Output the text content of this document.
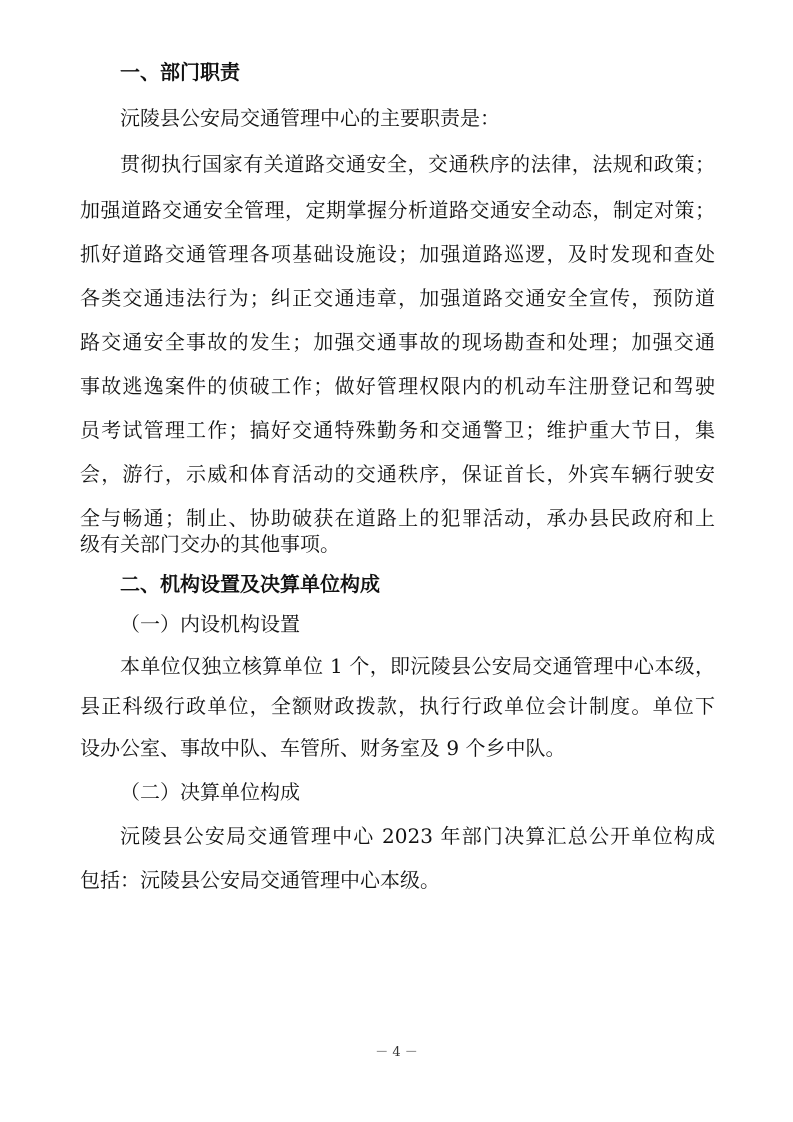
一、部门职责
沅陵县公安局交通管理中心的主要职责是：
贯彻执行国家有关道路交通安全，交通秩序的法律，法规和政策；
加强道路交通安全管理，定期掌握分析道路交通安全动态，制定对策；
抓好道路交通管理各项基础设施设；加强道路巡逻，及时发现和查处
各类交通违法行为；纠正交通违章，加强道路交通安全宣传，预防道
路交通安全事故的发生；加强交通事故的现场勘查和处理；加强交通
事故逃逸案件的侦破工作；做好管理权限内的机动车注册登记和驾驶
员考试管理工作；搞好交通特殊勤务和交通警卫；维护重大节日，集
会，游行，示威和体育活动的交通秩序，保证首长，外宾车辆行驶安
全与畅通；制止、协助破获在道路上的犯罪活动，承办县民政府和上
级有关部门交办的其他事项。
二、机构设置及决算单位构成
（一）内设机构设置
本单位仅独立核算单位 1 个，即沅陵县公安局交通管理中心本级，
县正科级行政单位，全额财政拨款，执行行政单位会计制度。单位下
设办公室、事故中队、车管所、财务室及 9 个乡中队。
（二）决算单位构成
沅陵县公安局交通管理中心 2023 年部门决算汇总公开单位构成
包括：沅陵县公安局交通管理中心本级。
－ 4 －
